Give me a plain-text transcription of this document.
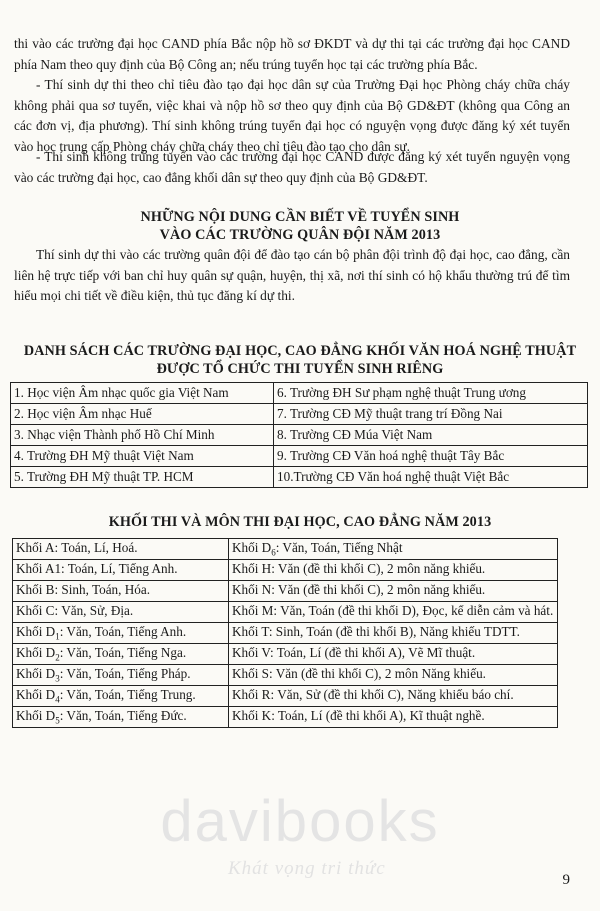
thi vào các trường đại học CAND phía Bắc nộp hồ sơ ĐKDT và dự thi tại các trường đại học CAND phía Nam theo quy định của Bộ Công an; nếu trúng tuyển học tại các trường phía Bắc.

- Thí sinh dự thi theo chỉ tiêu đào tạo đại học dân sự của Trường Đại học Phòng cháy chữa cháy không phải qua sơ tuyển, việc khai và nộp hồ sơ theo quy định của Bộ GD&ĐT (không qua Công an các đơn vị, địa phương). Thí sinh không trúng tuyển đại học có nguyện vọng được đăng ký xét tuyển vào học trung cấp Phòng cháy chữa cháy theo chỉ tiêu đào tạo cho dân sự.

- Thí sinh không trúng tuyển vào các trường đại học CAND được đăng ký xét tuyển nguyện vọng vào các trường đại học, cao đẳng khối dân sự theo quy định của Bộ GD&ĐT.

NHỮNG NỘI DUNG CẦN BIẾT VỀ TUYỂN SINH

VÀO CÁC TRƯỜNG QUÂN ĐỘI NĂM 2013

Thí sinh dự thi vào các trường quân đội để đào tạo cán bộ phân đội trình độ đại học, cao đẳng, cần liên hệ trực tiếp với ban chỉ huy quân sự quận, huyện, thị xã, nơi thí sinh có hộ khẩu thường trú để tìm hiểu mọi chi tiết về điều kiện, thủ tục đăng kí dự thi.

DANH SÁCH CÁC TRƯỜNG ĐẠI HỌC, CAO ĐẲNG KHỐI VĂN HOÁ NGHỆ THUẬT

ĐƯỢC TỔ CHỨC THI TUYỂN SINH RIÊNG

1. Học viện Âm nhạc quốc gia Việt Nam	6. Trường ĐH Sư phạm nghệ thuật Trung ương
2. Học viện Âm nhạc Huế	7. Trường CĐ Mỹ thuật trang trí Đồng Nai
3. Nhạc viện Thành phố Hồ Chí Minh	8. Trường CĐ Múa Việt Nam
4. Trường ĐH Mỹ thuật Việt Nam	9. Trường CĐ Văn hoá nghệ thuật Tây Bắc
5. Trường ĐH Mỹ thuật TP. HCM	10.Trường CĐ Văn hoá nghệ thuật Việt Bắc

KHỐI THI VÀ MÔN THI ĐẠI HỌC, CAO ĐẲNG NĂM 2013

Khối A: Toán, Lí, Hoá.	Khối $D_6$: Văn, Toán, Tiếng Nhật
Khối A1: Toán, Lí, Tiếng Anh.	Khối H: Văn (đề thi khối C), 2 môn năng khiếu.
Khối B: Sinh, Toán, Hóa.	Khối N: Văn (đề thi khối C), 2 môn năng khiếu.
Khối C: Văn, Sử, Địa.	Khối M: Văn, Toán (đề thi khối D), Đọc, kể diễn cảm và hát.
Khối $D_1$: Văn, Toán, Tiếng Anh.	Khối T: Sinh, Toán (đề thi khối B), Năng khiếu TDTT.
Khối $D_2$: Văn, Toán, Tiếng Nga.	Khối V: Toán, Lí (đề thi khối A), Vẽ Mĩ thuật.
Khối $D_3$: Văn, Toán, Tiếng Pháp.	Khối S: Văn (đề thi khối C), 2 môn Năng khiếu.
Khối $D_4$: Văn, Toán, Tiếng Trung.	Khối R: Văn, Sử (đề thi khối C), Năng khiếu báo chí.
Khối $D_5$: Văn, Toán, Tiếng Đức.	Khối K: Toán, Lí (đề thi khối A), Kĩ thuật nghề.
davibooks
Khát vọng tri thức
9
